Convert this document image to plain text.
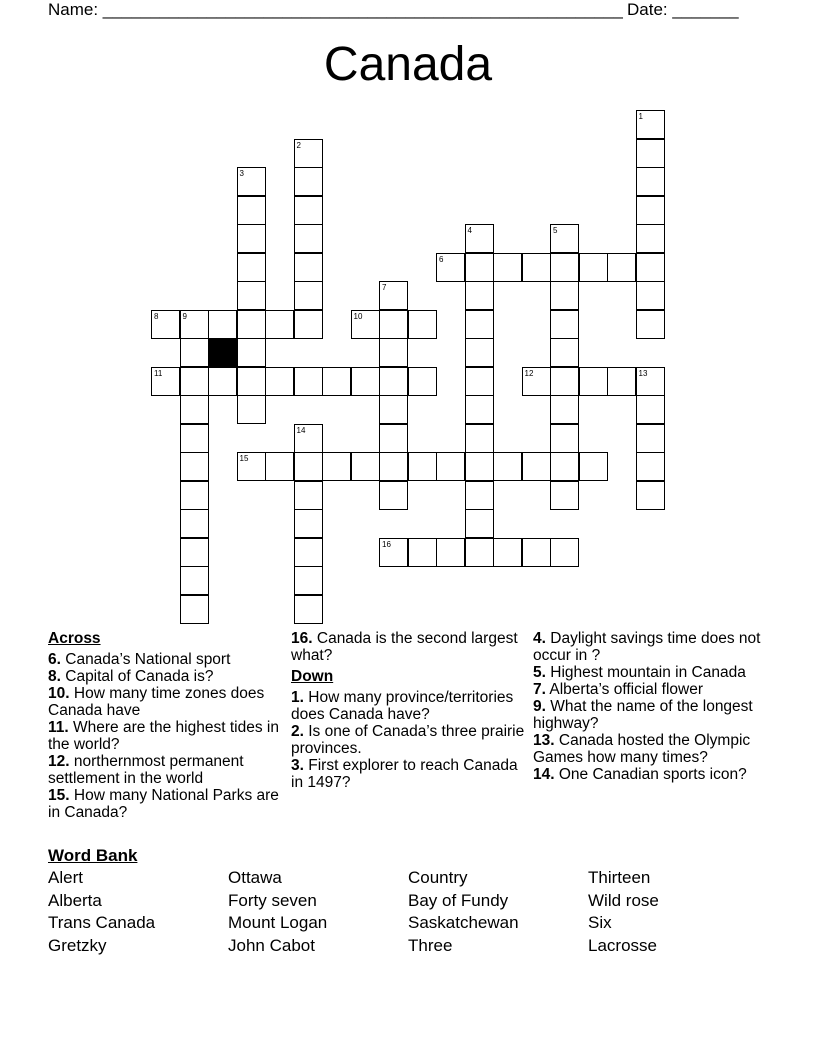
Name: _______________________________________________________ Date: _______
Canada
6
8	9	10
11	12	13
15
16
1
2
3
4	5
7
14
Across

6. Canada’s National sport

8. Capital of Canada is?

10. How many time zones does Canada have

11. Where are the highest tides in the world?

12. northernmost permanent settlement in the world

15. How many National Parks are in Canada?

16. Canada is the second largest what?

Down

1. How many province/territories does Canada have?

2. Is one of Canada’s three prairie provinces.

3. First explorer to reach Canada in 1497?

4. Daylight savings time does not occur in ?

5. Highest mountain in Canada

7. Alberta’s official flower

9. What the name of the longest highway?

13. Canada hosted the Olympic Games how many times?

14. One Canadian sports icon?

Word Bank
Alert	Ottawa	Country	Thirteen
Alberta	Forty seven	Bay of Fundy	Wild rose
Trans Canada	Mount Logan	Saskatchewan	Six
Gretzky	John Cabot	Three	Lacrosse
